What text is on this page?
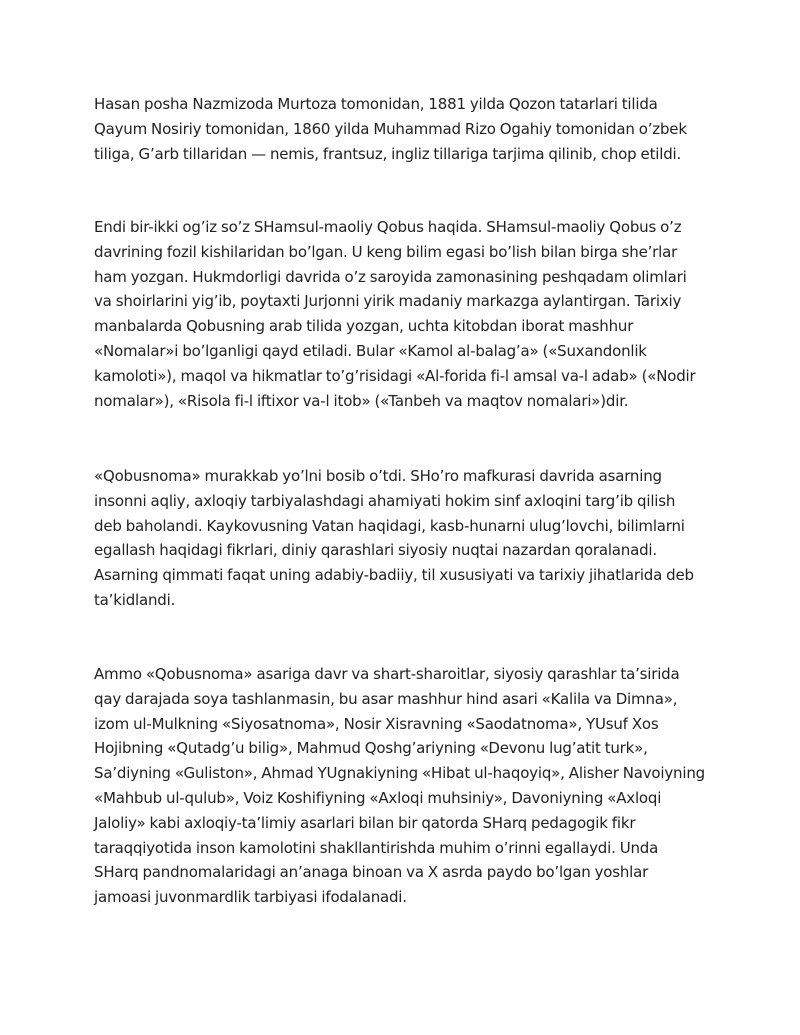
Hasan posha Nazmizoda Murtoza tomonidan, 1881 yilda Qozon tatarlari tilida Qayum Nosiriy tomonidan, 1860 yilda Muhammad Rizo Ogahiy tomonidan o’zbek tiliga, G’arb tillaridan — nemis, frantsuz, ingliz tillariga tarjima qilinib, chop etildi.

Endi bir-ikki og’iz so’z SHamsul-maoliy Qobus haqida. SHamsul-maoliy Qobus o’z davrining fozil kishilaridan bo’lgan. U keng bilim egasi bo’lish bilan birga she’rlar ham yozgan. Hukmdorligi davrida o’z saroyida zamonasining peshqadam olimlari va shoirlarini yig’ib, poytaxti Jurjonni yirik madaniy markazga aylantirgan. Tarixiy manbalarda Qobusning arab tilida yozgan, uchta kitobdan iborat mashhur «Nomalar»i bo’lganligi qayd etiladi. Bular «Kamol al-balag’a» («Suxandonlik kamoloti»), maqol va hikmatlar to’g’risidagi «Al-forida fi-l amsal va-l adab» («Nodir nomalar»), «Risola fi-l iftixor va-l itob» («Tanbeh va maqtov nomalari»)dir.

«Qobusnoma» murakkab yo’lni bosib o’tdi. SHo’ro mafkurasi davrida asarning insonni aqliy, axloqiy tarbiyalashdagi ahamiyati hokim sinf axloqini targ’ib qilish deb baholandi. Kaykovusning Vatan haqidagi, kasb-hunarni ulug’lovchi, bilimlarni egallash haqidagi fikrlari, diniy qarashlari siyosiy nuqtai nazardan qoralanadi. Asarning qimmati faqat uning adabiy-badiiy, til xususiyati va tarixiy jihatlarida deb ta’kidlandi.

Ammo «Qobusnoma» asariga davr va shart-sharoitlar, siyosiy qarashlar ta’sirida qay darajada soya tashlanmasin, bu asar mashhur hind asari «Kalila va Dimna», izom ul-Mulkning «Siyosatnoma», Nosir Xisravning «Saodatnoma», YUsuf Xos Hojibning «Qutadg’u bilig», Mahmud Qoshg’ariyning «Devonu lug’atit turk», Sa’diyning «Guliston», Ahmad YUgnakiyning «Hibat ul-haqoyiq», Alisher Navoiyning «Mahbub ul-qulub», Voiz Koshifiyning «Axloqi muhsiniy», Davoniyning «Axloqi Jaloliy» kabi axloqiy-ta’limiy asarlari bilan bir qatorda SHarq pedagogik fikr taraqqiyotida inson kamolotini shakllantirishda muhim o’rinni egallaydi. Unda SHarq pandnomalaridagi an’anaga binoan va X asrda paydo bo’lgan yoshlar jamoasi juvonmardlik tarbiyasi ifodalanadi.
